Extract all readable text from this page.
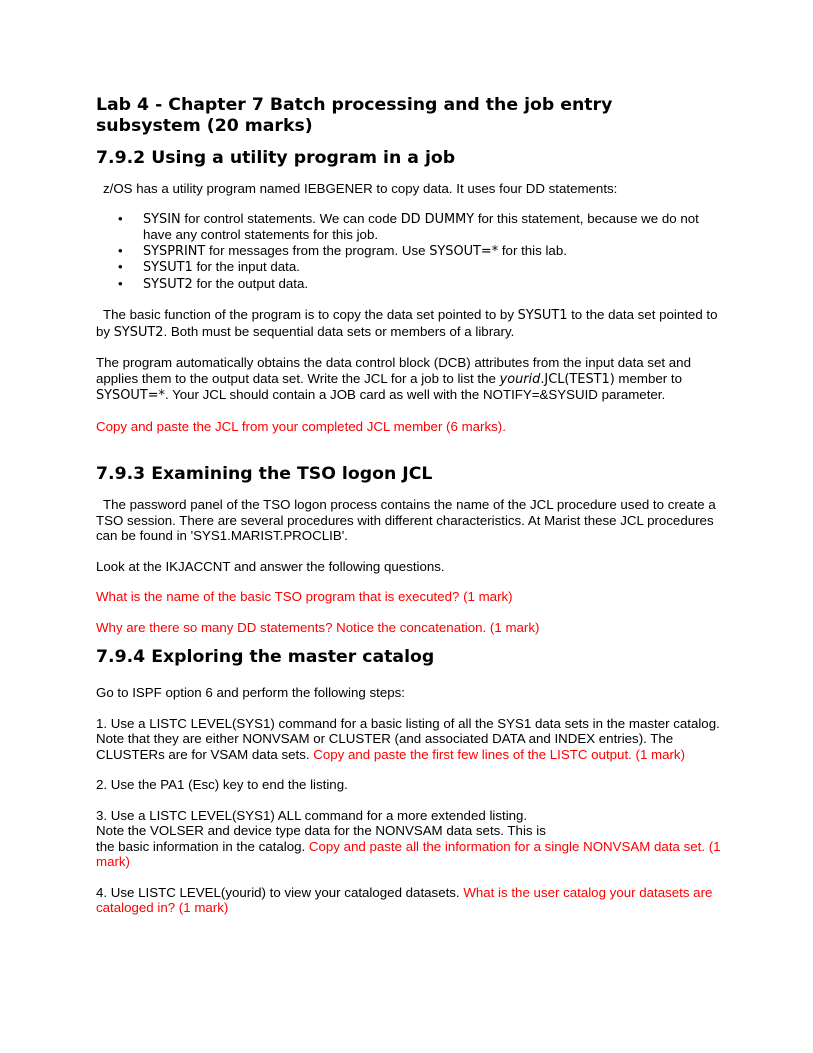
Lab 4 - Chapter 7 Batch processing and the job entry subsystem (20 marks)
7.9.2 Using a utility program in a job

z/OS has a utility program named IEBGENER to copy data. It uses four DD statements:

• SYSIN for control statements. We can code DD DUMMY for this statement, because we do not have any control statements for this job.
• SYSPRINT for messages from the program. Use SYSOUT=* for this lab.
• SYSUT1 for the input data.
• SYSUT2 for the output data.

The basic function of the program is to copy the data set pointed to by SYSUT1 to the data set pointed to by SYSUT2. Both must be sequential data sets or members of a library.

The program automatically obtains the data control block (DCB) attributes from the input data set and applies them to the output data set. Write the JCL for a job to list the yourid.JCL(TEST1) member to SYSOUT=*. Your JCL should contain a JOB card as well with the NOTIFY=&SYSUID parameter.

Copy and paste the JCL from your completed JCL member (6 marks).

7.9.3 Examining the TSO logon JCL

The password panel of the TSO logon process contains the name of the JCL procedure used to create a TSO session. There are several procedures with different characteristics. At Marist these JCL procedures can be found in 'SYS1.MARIST.PROCLIB'.

Look at the IKJACCNT and answer the following questions.

What is the name of the basic TSO program that is executed? (1 mark)

Why are there so many DD statements? Notice the concatenation. (1 mark)

7.9.4 Exploring the master catalog

Go to ISPF option 6 and perform the following steps:

1. Use a LISTC LEVEL(SYS1) command for a basic listing of all the SYS1 data sets in the master catalog. Note that they are either NONVSAM or CLUSTER (and associated DATA and INDEX entries). The CLUSTERs are for VSAM data sets. Copy and paste the first few lines of the LISTC output. (1 mark)

2. Use the PA1 (Esc) key to end the listing.

3. Use a LISTC LEVEL(SYS1) ALL command for a more extended listing.
Note the VOLSER and device type data for the NONVSAM data sets. This is
the basic information in the catalog. Copy and paste all the information for a single NONVSAM data set. (1 mark)

4. Use LISTC LEVEL(yourid) to view your cataloged datasets. What is the user catalog your datasets are cataloged in? (1 mark)
